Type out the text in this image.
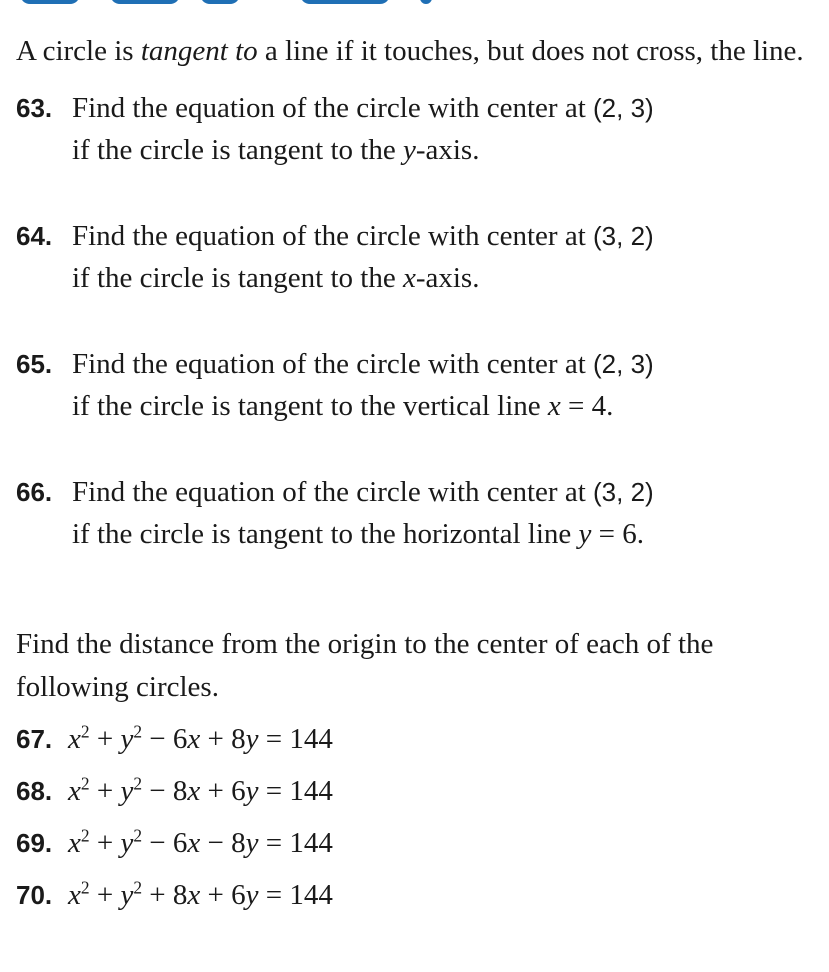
A circle is tangent to a line if it touches, but does not cross, the line.

63. Find the equation of the circle with center at (2, 3)
if the circle is tangent to the y-axis.

64. Find the equation of the circle with center at (3, 2)
if the circle is tangent to the x-axis.

65. Find the equation of the circle with center at (2, 3)
if the circle is tangent to the vertical line x = 4.

66. Find the equation of the circle with center at (3, 2)
if the circle is tangent to the horizontal line y = 6.

Find the distance from the origin to the center of each of the following circles.

67. $x^2 + y^2 - 6x + 8y = 144$

68. $x^2 + y^2 - 8x + 6y = 144$

69. $x^2 + y^2 - 6x - 8y = 144$

70. $x^2 + y^2 + 8x + 6y = 144$
